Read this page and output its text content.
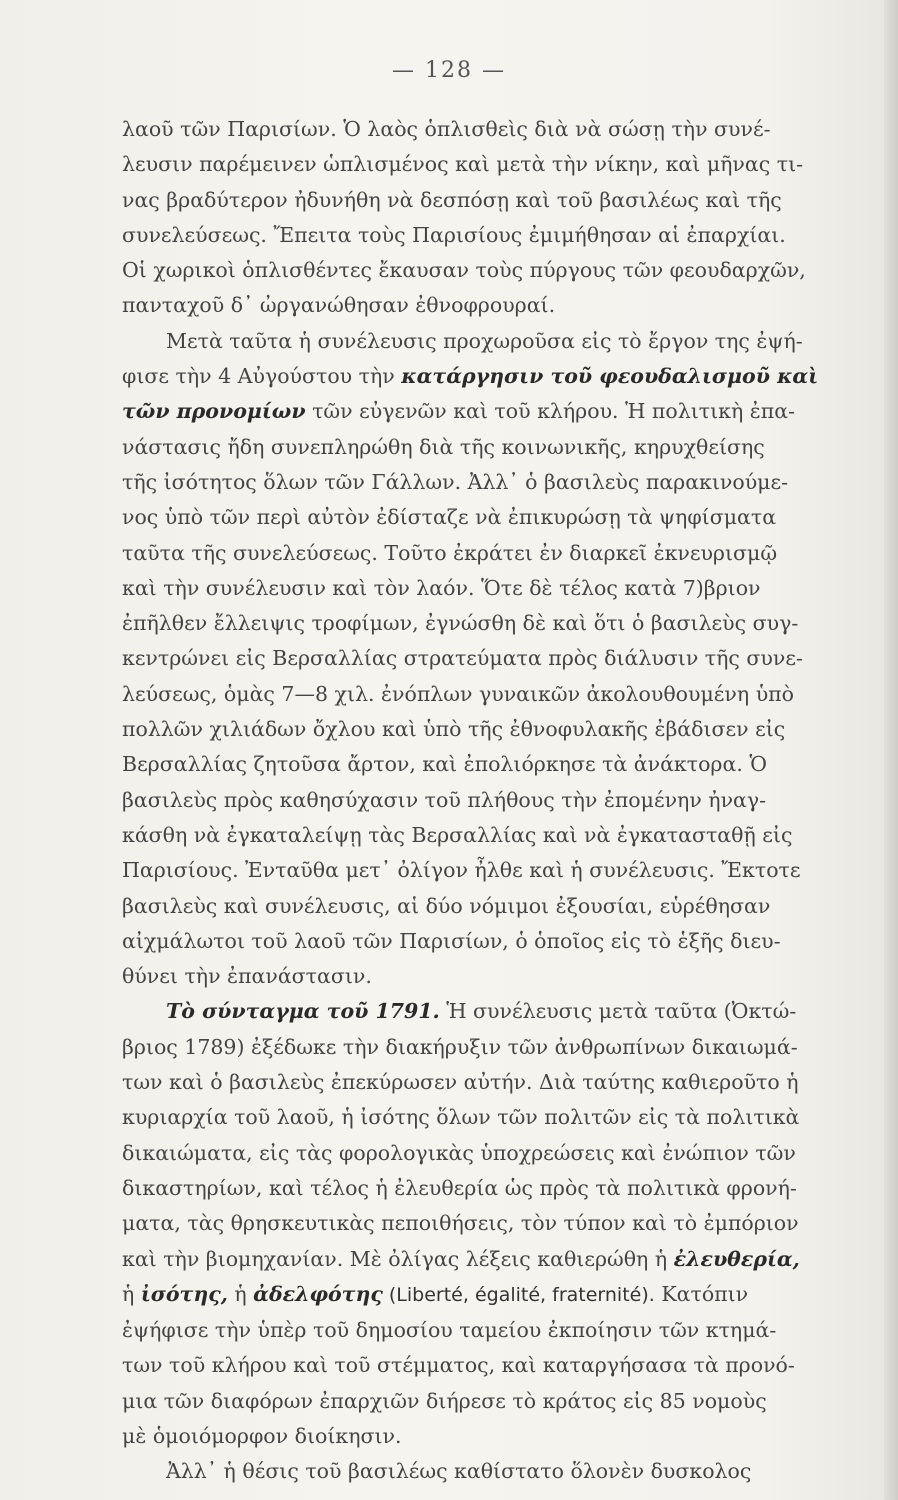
— 128 —
λαοῦ τῶν Παρισίων. Ὁ λαὸς ὁπλισθεὶς διὰ νὰ σώσῃ τὴν συνέ-
λευσιν παρέμεινεν ὡπλισμένος καὶ μετὰ τὴν νίκην, καὶ μῆνας τι-
νας βραδύτερον ἠδυνήθη νὰ δεσπόσῃ καὶ τοῦ βασιλέως καὶ τῆς
συνελεύσεως. Ἔπειτα τοὺς Παρισίους ἐμιμήθησαν αἱ ἐπαρχίαι.
Οἱ χωρικοὶ ὁπλισθέντες ἔκαυσαν τοὺς πύργους τῶν φεουδαρχῶν,
πανταχοῦ δ᾿ ὠργανώθησαν ἐθνοφρουραί.
Μετὰ ταῦτα ἡ συνέλευσις προχωροῦσα εἰς τὸ ἔργον της ἐψή-
φισε τὴν 4 Αὐγούστου τὴν κατάργησιν τοῦ φεουδαλισμοῦ καὶ
τῶν προνομίων τῶν εὐγενῶν καὶ τοῦ κλήρου. Ἡ πολιτικὴ ἐπα-
νάστασις ἤδη συνεπληρώθη διὰ τῆς κοινωνικῆς, κηρυχθείσης
τῆς ἰσότητος ὅλων τῶν Γάλλων. Ἀλλ᾿ ὁ βασιλεὺς παρακινούμε-
νος ὑπὸ τῶν περὶ αὐτὸν ἐδίσταζε νὰ ἐπικυρώσῃ τὰ ψηφίσματα
ταῦτα τῆς συνελεύσεως. Τοῦτο ἐκράτει ἐν διαρκεῖ ἐκνευρισμῷ
καὶ τὴν συνέλευσιν καὶ τὸν λαόν. Ὅτε δὲ τέλος κατὰ 7)βριον
ἐπῆλθεν ἔλλειψις τροφίμων, ἐγνώσθη δὲ καὶ ὅτι ὁ βασιλεὺς συγ-
κεντρώνει εἰς Βερσαλλίας στρατεύματα πρὸς διάλυσιν τῆς συνε-
λεύσεως, ὁμὰς 7—8 χιλ. ἐνόπλων γυναικῶν ἀκολουθουμένη ὑπὸ
πολλῶν χιλιάδων ὄχλου καὶ ὑπὸ τῆς ἐθνοφυλακῆς ἐβάδισεν εἰς
Βερσαλλίας ζητοῦσα ἄρτον, καὶ ἐπολιόρκησε τὰ ἀνάκτορα. Ὁ
βασιλεὺς πρὸς καθησύχασιν τοῦ πλήθους τὴν ἐπομένην ἠναγ-
κάσθη νὰ ἐγκαταλείψῃ τὰς Βερσαλλίας καὶ νὰ ἐγκατασταθῇ εἰς
Παρισίους. Ἐνταῦθα μετ᾿ ὀλίγον ἦλθε καὶ ἡ συνέλευσις. Ἔκτοτε
βασιλεὺς καὶ συνέλευσις, αἱ δύο νόμιμοι ἐξουσίαι, εὑρέθησαν
αἰχμάλωτοι τοῦ λαοῦ τῶν Παρισίων, ὁ ὁποῖος εἰς τὸ ἑξῆς διευ-
θύνει τὴν ἐπανάστασιν.
Τὸ σύνταγμα τοῦ 1791. Ἡ συνέλευσις μετὰ ταῦτα (Ὀκτώ-
βριος 1789) ἐξέδωκε τὴν διακήρυξιν τῶν ἀνθρωπίνων δικαιωμά-
των καὶ ὁ βασιλεὺς ἐπεκύρωσεν αὐτήν. Διὰ ταύτης καθιεροῦτο ἡ
κυριαρχία τοῦ λαοῦ, ἡ ἰσότης ὅλων τῶν πολιτῶν εἰς τὰ πολιτικὰ
δικαιώματα, εἰς τὰς φορολογικὰς ὑποχρεώσεις καὶ ἐνώπιον τῶν
δικαστηρίων, καὶ τέλος ἡ ἐλευθερία ὡς πρὸς τὰ πολιτικὰ φρονή-
ματα, τὰς θρησκευτικὰς πεποιθήσεις, τὸν τύπον καὶ τὸ ἐμπόριον
καὶ τὴν βιομηχανίαν. Μὲ ὀλίγας λέξεις καθιερώθη ἡ ἐλευθερία,
ἡ ἰσότης, ἡ ἀδελφότης (Liberté, égalité, fraternité). Κατόπιν
ἐψήφισε τὴν ὑπὲρ τοῦ δημοσίου ταμείου ἐκποίησιν τῶν κτημά-
των τοῦ κλήρου καὶ τοῦ στέμματος, καὶ καταργήσασα τὰ προνό-
μια τῶν διαφόρων ἐπαρχιῶν διήρεσε τὸ κράτος εἰς 85 νομοὺς
μὲ ὁμοιόμορφον διοίκησιν.
Ἀλλ᾿ ἡ θέσις τοῦ βασιλέως καθίστατο ὅλονὲν δυσκολος
